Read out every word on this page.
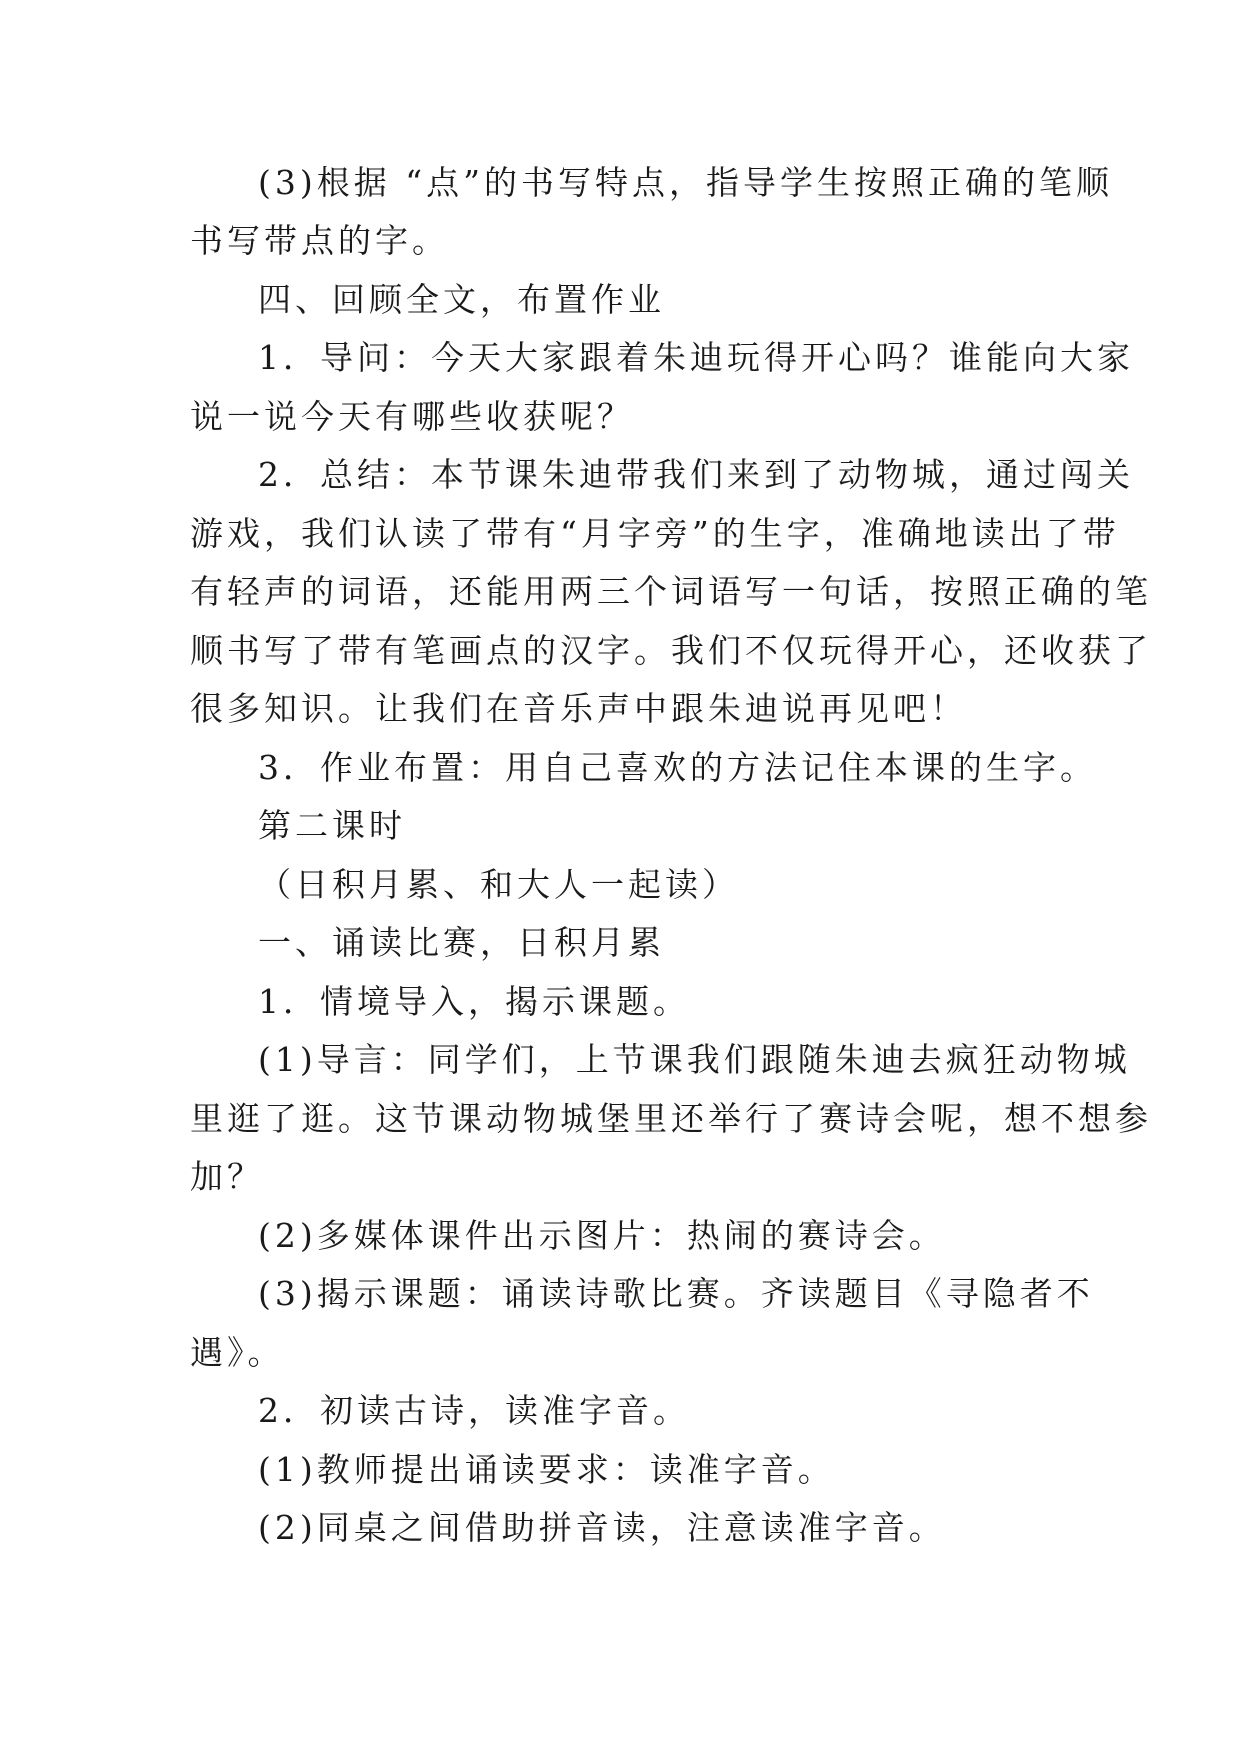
(3)根据 “点”的书写特点，指导学生按照正确的笔顺
书写带点的字。
四、回顾全文，布置作业
1．导问：今天大家跟着朱迪玩得开心吗？谁能向大家
说一说今天有哪些收获呢？
2．总结：本节课朱迪带我们来到了动物城，通过闯关
游戏，我们认读了带有“月字旁”的生字，准确地读出了带
有轻声的词语，还能用两三个词语写一句话，按照正确的笔
顺书写了带有笔画点的汉字。我们不仅玩得开心，还收获了
很多知识。让我们在音乐声中跟朱迪说再见吧！
3．作业布置：用自己喜欢的方法记住本课的生字。
第二课时
（日积月累、和大人一起读）
一、诵读比赛，日积月累
1．情境导入，揭示课题。
(1)导言：同学们，上节课我们跟随朱迪去疯狂动物城
里逛了逛。这节课动物城堡里还举行了赛诗会呢，想不想参
加？
(2)多媒体课件出示图片：热闹的赛诗会。
(3)揭示课题：诵读诗歌比赛。齐读题目《寻隐者不
遇》。
2．初读古诗，读准字音。
(1)教师提出诵读要求：读准字音。
(2)同桌之间借助拼音读，注意读准字音。
